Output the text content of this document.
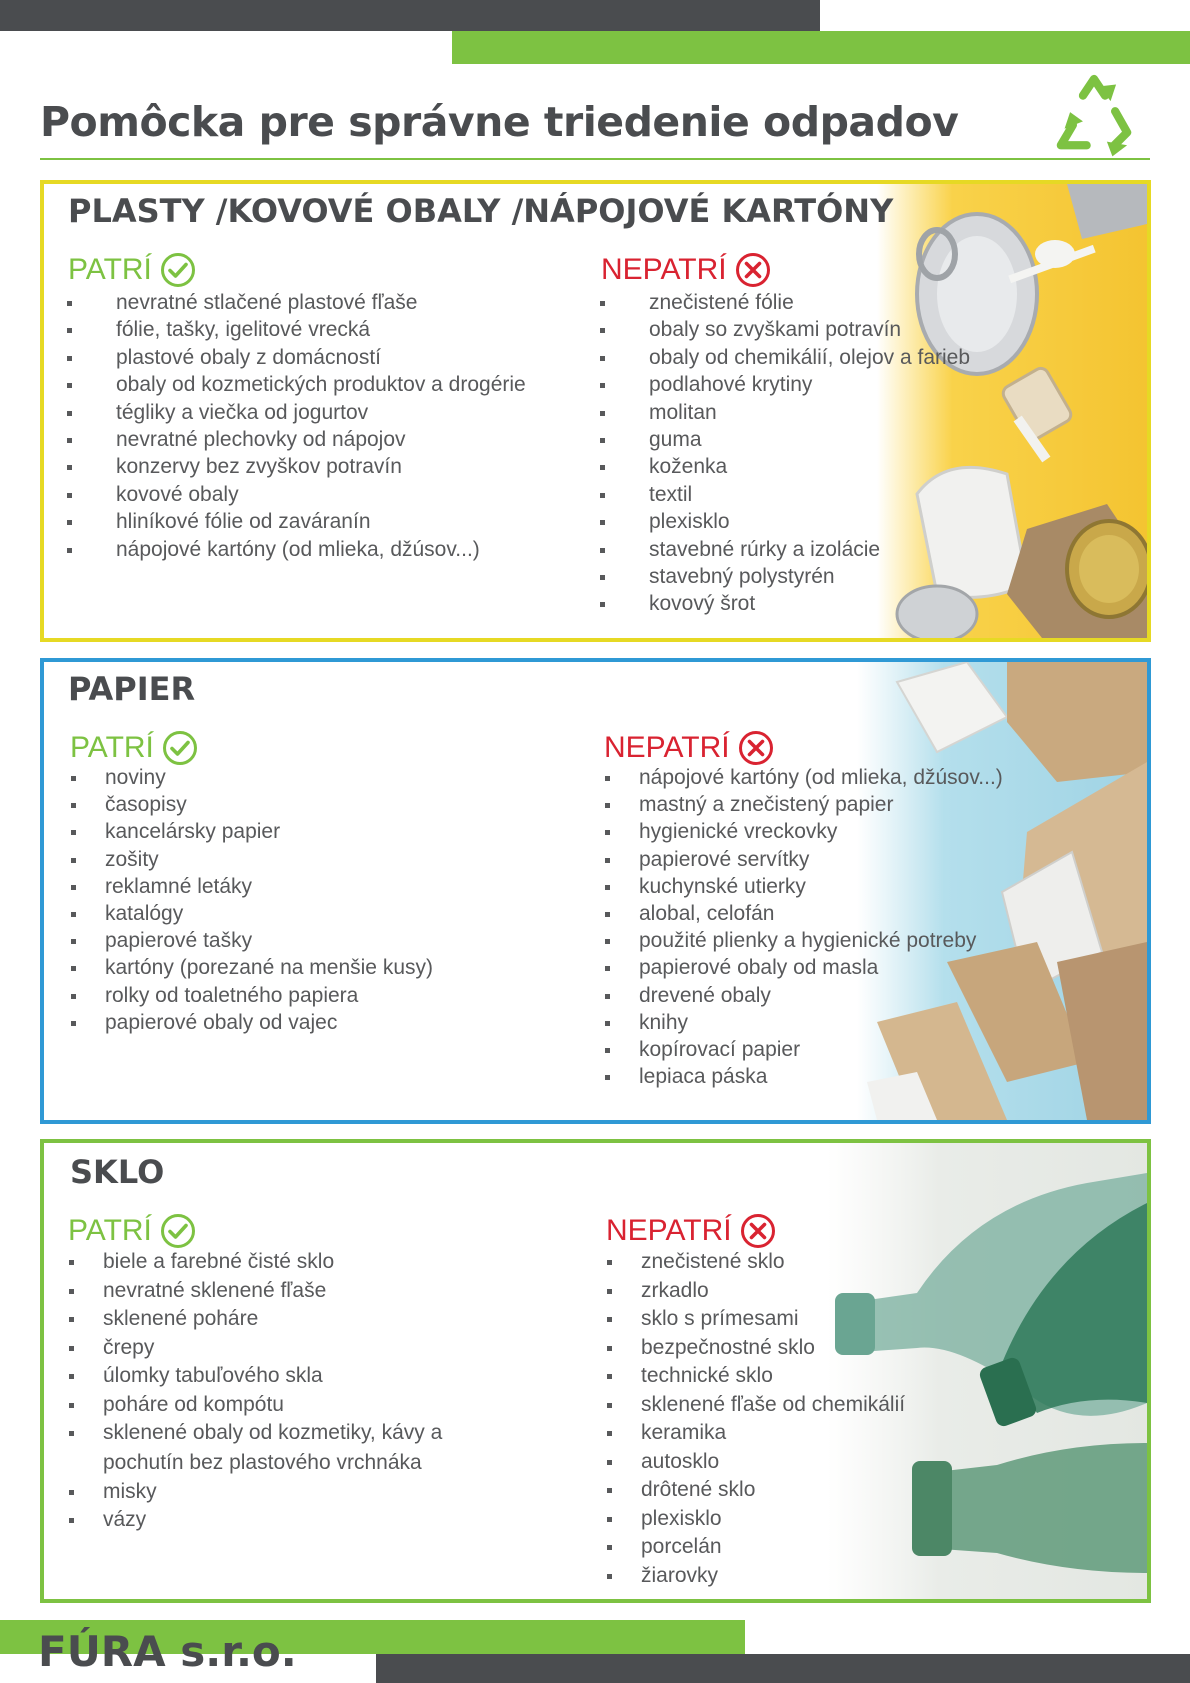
Pomôcka pre správne triedenie odpadov
PLASTY /KOVOVÉ OBALY /NÁPOJOVÉ KARTÓNY
PATRÍ
nevratné stlačené plastové fľaše
fólie, tašky, igelitové vrecká
plastové obaly z domácností
obaly od kozmetických produktov a drogérie
tégliky a viečka od jogurtov
nevratné plechovky od nápojov
konzervy bez zvyškov potravín
kovové obaly
hliníkové fólie od zaváranín
nápojové kartóny (od mlieka, džúsov...)
NEPATRÍ
znečistené fólie
obaly so zvyškami potravín
obaly od chemikálií, olejov a farieb
podlahové krytiny
molitan
guma
koženka
textil
plexisklo
stavebné rúrky a izolácie
stavebný polystyrén
kovový šrot
PAPIER
PATRÍ
noviny
časopisy
kancelársky papier
zošity
reklamné letáky
katalógy
papierové tašky
kartóny (porezané na menšie kusy)
rolky od toaletného papiera
papierové obaly od vajec
NEPATRÍ
nápojové kartóny (od mlieka, džúsov...)
mastný a znečistený papier
hygienické vreckovky
papierové servítky
kuchynské utierky
alobal, celofán
použité plienky a hygienické potreby
papierové obaly od masla
drevené obaly
knihy
kopírovací papier
lepiaca páska
SKLO
PATRÍ
biele a farebné čisté sklo
nevratné sklenené fľaše
sklenené poháre
črepy
úlomky tabuľového skla
poháre od kompótu
sklenené obaly od kozmetiky, kávy a
pochutín bez plastového vrchnáka
misky
vázy
NEPATRÍ
znečistené sklo
zrkadlo
sklo s prímesami
bezpečnostné sklo
technické sklo
sklenené fľaše od chemikálií
keramika
autosklo
drôtené sklo
plexisklo
porcelán
žiarovky
FÚRA s.r.o.
